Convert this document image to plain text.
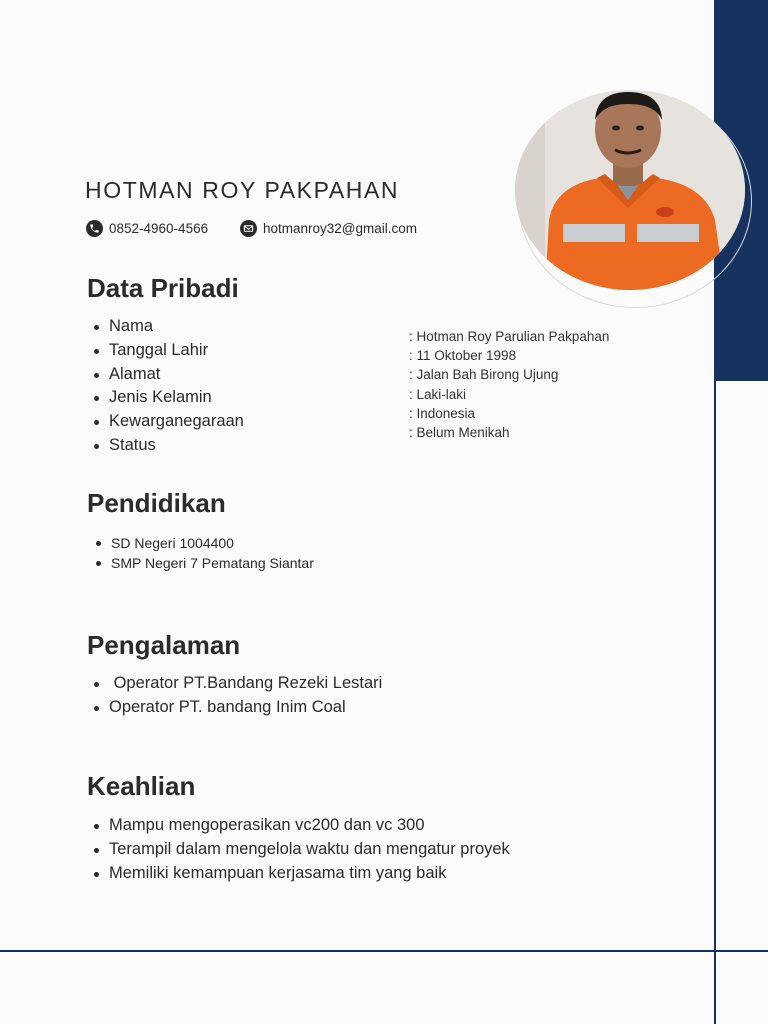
HOTMAN ROY PAKPAHAN
0852-4960-4566	hotmanroy32@gmail.com
Data Pribadi
Nama
Tanggal Lahir
Alamat
Jenis Kelamin
Kewarganegaraan
Status
: Hotman Roy Parulian Pakpahan
: 11 Oktober 1998
: Jalan Bah Birong Ujung
: Laki-laki
: Indonesia
: Belum Menikah
Pendidikan
SD Negeri 1004400
SMP Negeri 7 Pematang Siantar
Pengalaman
Operator PT.Bandang Rezeki Lestari
Operator PT. bandang Inim Coal
Keahlian
Mampu mengoperasikan vc200 dan vc 300
Terampil dalam mengelola waktu dan mengatur proyek
Memiliki kemampuan kerjasama tim yang baik
